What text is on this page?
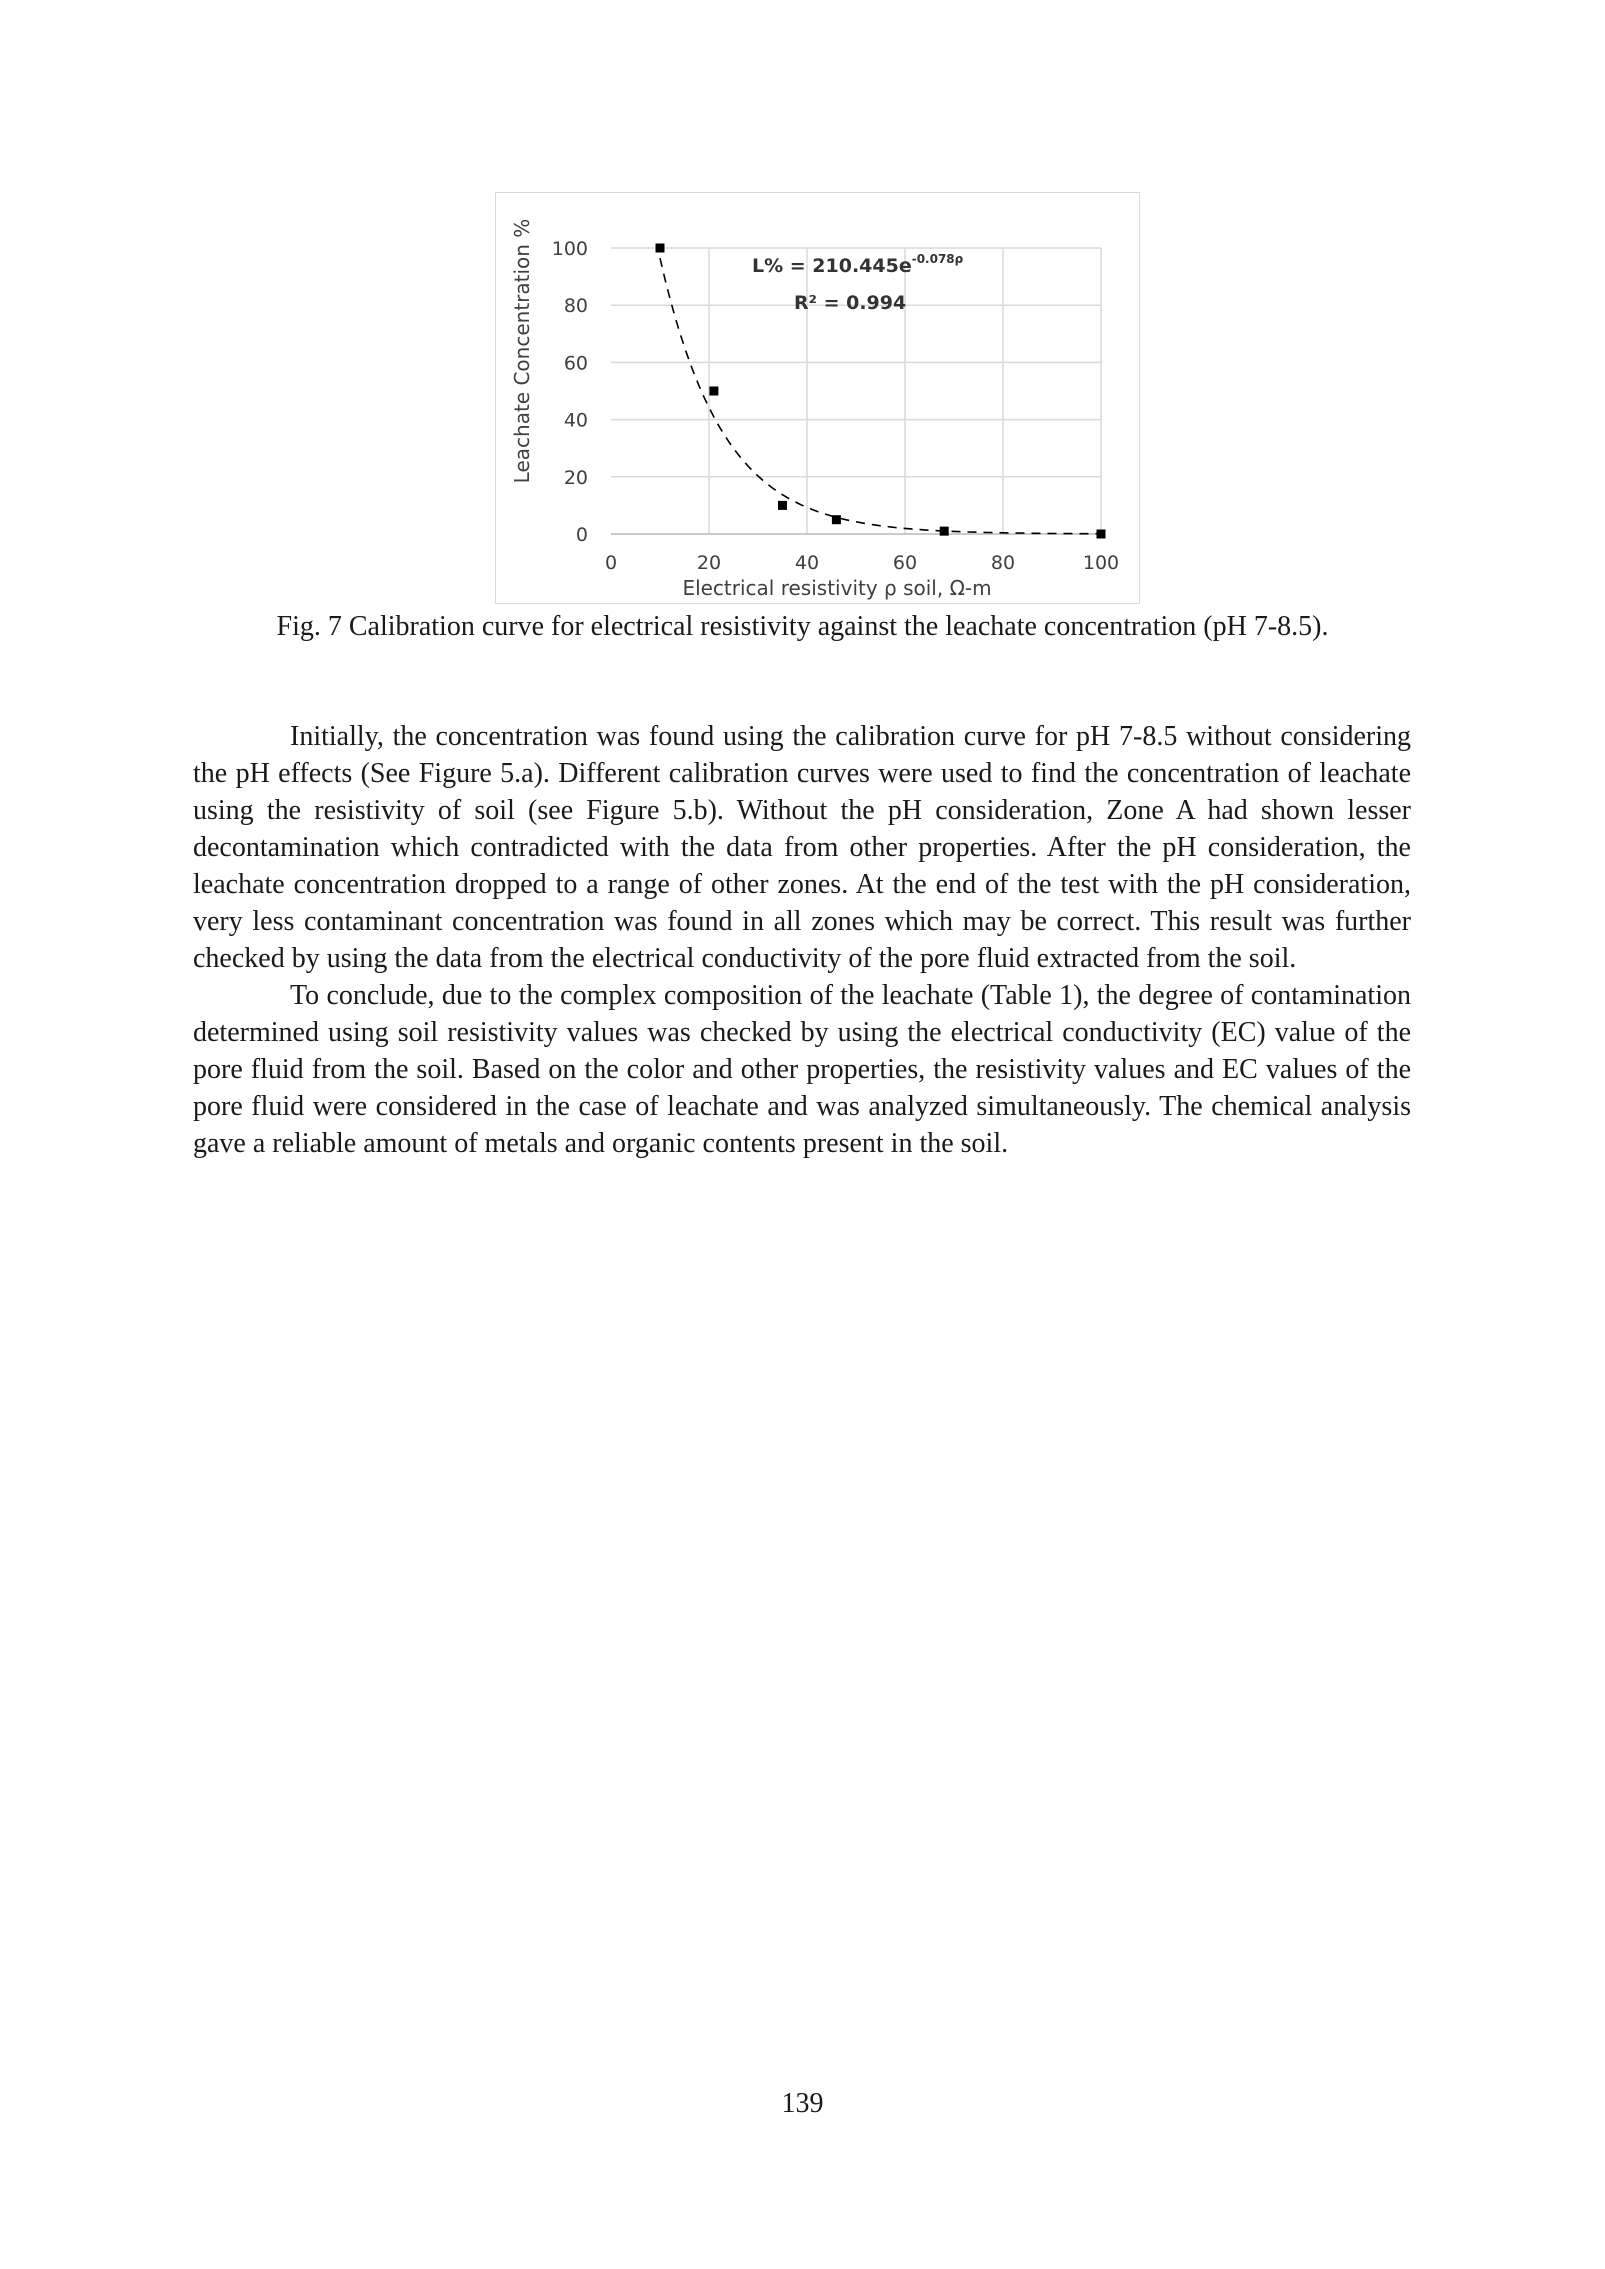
0	20	40	60	80	100
0
20
40
60
80
100
Electrical resistivity ρ soil, Ω-m
Leachate Concentration %	$L\% = 210.445e^{-0.078\rho}$
R² = 0.994

Fig. 7 Calibration curve for electrical resistivity against the leachate concentration (pH 7-8.5).

Initially, the concentration was found using the calibration curve for pH 7-8.5 without considering the pH effects (See Figure 5.a). Different calibration curves were used to find the concentration of leachate using the resistivity of soil (see Figure 5.b). Without the pH consideration, Zone A had shown lesser decontamination which contradicted with the data from other properties. After the pH consideration, the leachate concentration dropped to a range of other zones. At the end of the test with the pH consideration, very less contaminant concentration was found in all zones which may be correct. This result was further checked by using the data from the electrical conductivity of the pore fluid extracted from the soil.

To conclude, due to the complex composition of the leachate (Table 1), the degree of contamination determined using soil resistivity values was checked by using the electrical conductivity (EC) value of the pore fluid from the soil. Based on the color and other properties, the resistivity values and EC values of the pore fluid were considered in the case of leachate and was analyzed simultaneously. The chemical analysis gave a reliable amount of metals and organic contents present in the soil.

139
